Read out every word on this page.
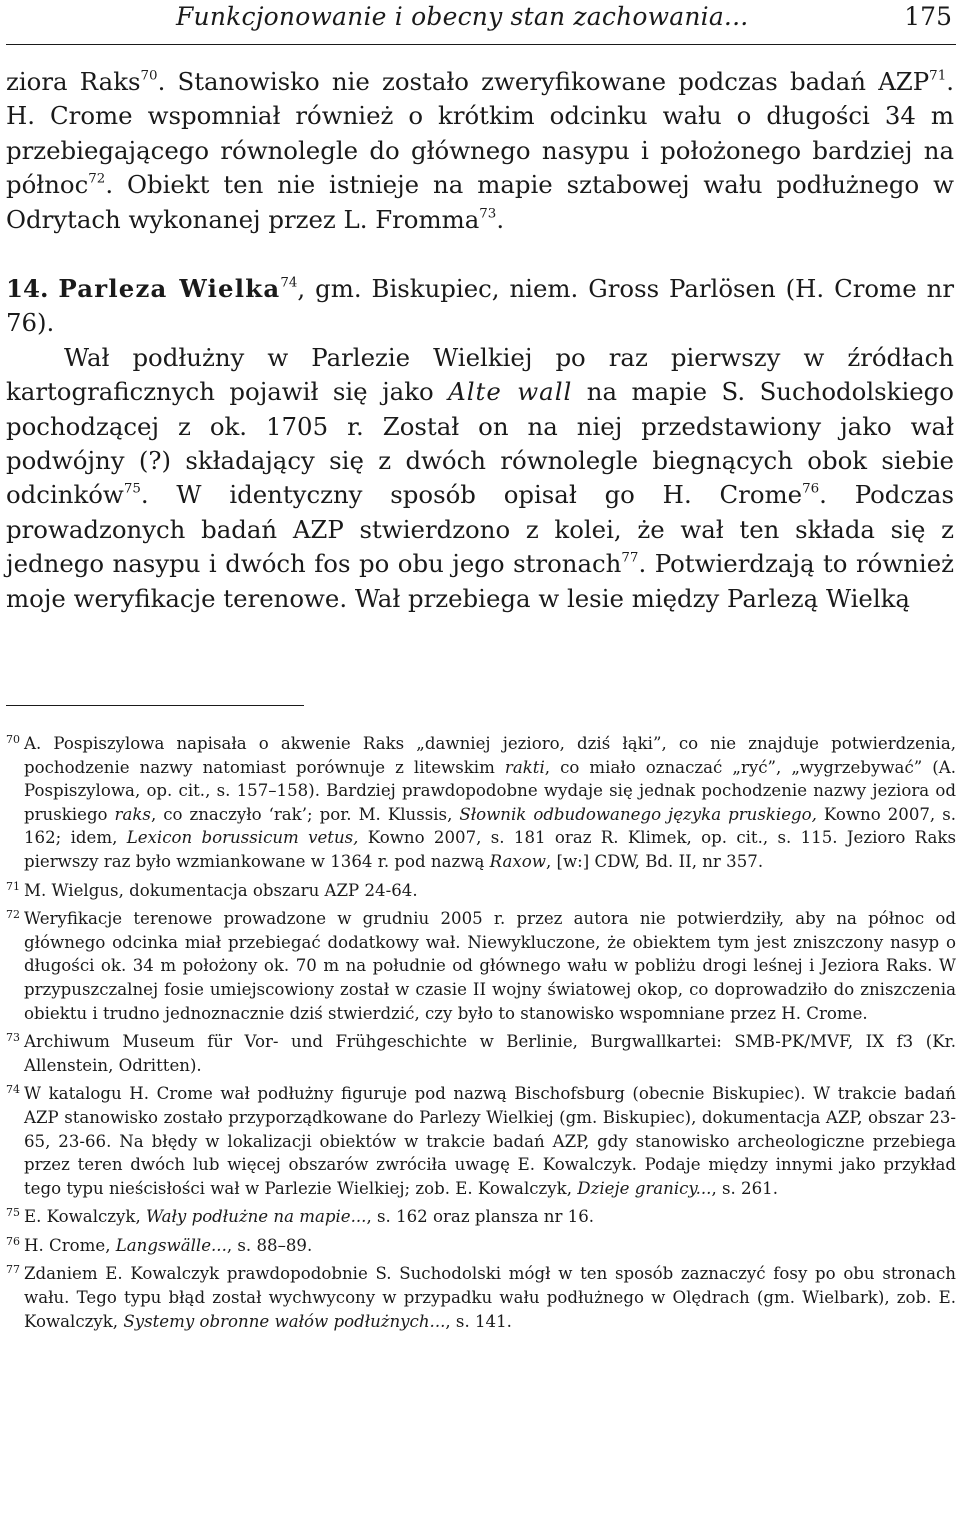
Funkcjonowanie i obecny stan zachowania...	175

ziora Raks$^{70}$. Stanowisko nie zostało zweryfikowane podczas badań AZP$^{71}$. H. Crome wspomniał również o krótkim odcinku wału o długości 34 m przebiegającego równolegle do głównego nasypu i położonego bardziej na północ$^{72}$. Obiekt ten nie istnieje na mapie sztabowej wału podłużnego w Odrytach wykonanej przez L. Fromma$^{73}$.

14. Parleza Wielka$^{74}$, gm. Biskupiec, niem. Gross Parlösen (H. Crome nr 76).

Wał podłużny w Parlezie Wielkiej po raz pierwszy w źródłach kartograficznych pojawił się jako Alte wall na mapie S. Suchodolskiego pochodzącej z ok. 1705 r. Został on na niej przedstawiony jako wał podwójny (?) składający się z dwóch równolegle biegnących obok siebie odcinków$^{75}$. W identyczny sposób opisał go H. Crome$^{76}$. Podczas prowadzonych badań AZP stwierdzono z kolei, że wał ten składa się z jednego nasypu i dwóch fos po obu jego stronach$^{77}$. Potwierdzają to również moje weryfikacje terenowe. Wał przebiega w lesie między Parlezą Wielką

70 A. Pospiszylowa napisała o akwenie Raks „dawniej jezioro, dziś łąki”, co nie znajduje potwierdzenia, pochodzenie nazwy natomiast porównuje z litewskim rakti, co miało oznaczać „ryć”, „wygrzebywać” (A. Pospiszylowa, op. cit., s. 157–158). Bardziej prawdopodobne wydaje się jednak pochodzenie nazwy jeziora od pruskiego raks, co znaczyło ‘rak’; por. M. Klussis, Słownik odbudowanego języka pruskiego, Kowno 2007, s. 162; idem, Lexicon borussicum vetus, Kowno 2007, s. 181 oraz R. Klimek, op. cit., s. 115. Jezioro Raks pierwszy raz było wzmiankowane w 1364 r. pod nazwą Raxow, [w:] CDW, Bd. II, nr 357.

71 M. Wielgus, dokumentacja obszaru AZP 24-64.

72 Weryfikacje terenowe prowadzone w grudniu 2005 r. przez autora nie potwierdziły, aby na północ od głównego odcinka miał przebiegać dodatkowy wał. Niewykluczone, że obiektem tym jest zniszczony nasyp o długości ok. 34 m położony ok. 70 m na południe od głównego wału w pobliżu drogi leśnej i Jeziora Raks. W przypuszczalnej fosie umiejscowiony został w czasie II wojny światowej okop, co doprowadziło do zniszczenia obiektu i trudno jednoznacznie dziś stwierdzić, czy było to stanowisko wspomniane przez H. Crome.

73 Archiwum Museum für Vor- und Frühgeschichte w Berlinie, Burgwallkartei: SMB-PK/MVF, IX f3 (Kr. Allenstein, Odritten).

74 W katalogu H. Crome wał podłużny figuruje pod nazwą Bischofsburg (obecnie Biskupiec). W trakcie badań AZP stanowisko zostało przyporządkowane do Parlezy Wielkiej (gm. Biskupiec), dokumentacja AZP, obszar 23-65, 23-66. Na błędy w lokalizacji obiektów w trakcie badań AZP, gdy stanowisko archeologiczne przebiega przez teren dwóch lub więcej obszarów zwróciła uwagę E. Kowalczyk. Podaje między innymi jako przykład tego typu nieścisłości wał w Parlezie Wielkiej; zob. E. Kowalczyk, Dzieje granicy..., s. 261.

75 E. Kowalczyk, Wały podłużne na mapie..., s. 162 oraz plansza nr 16.

76 H. Crome, Langswälle..., s. 88–89.

77 Zdaniem E. Kowalczyk prawdopodobnie S. Suchodolski mógł w ten sposób zaznaczyć fosy po obu stronach wału. Tego typu błąd został wychwycony w przypadku wału podłużnego w Olędrach (gm. Wielbark), zob. E. Kowalczyk, Systemy obronne wałów podłużnych..., s. 141.
